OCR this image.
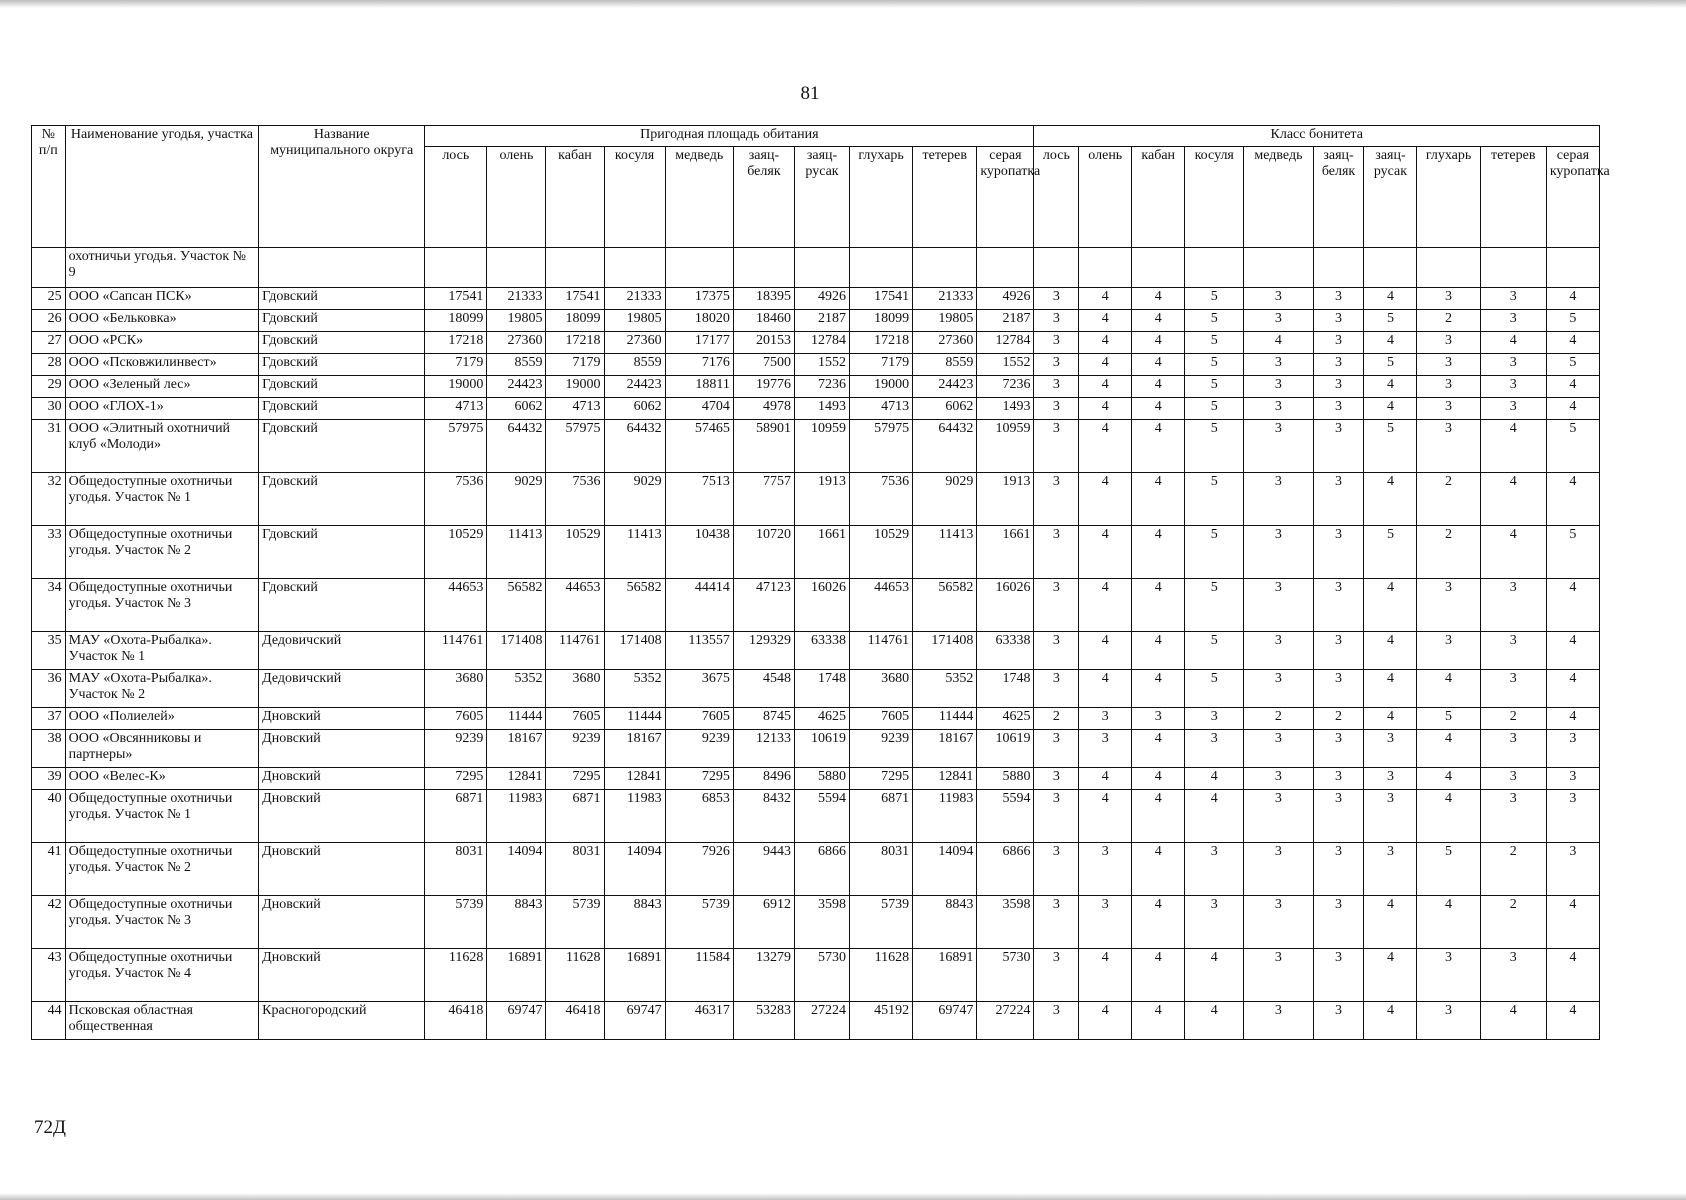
81
№ п/п	Наименование угодья, участка	Название муниципального округа	Пригодная площадь обитания										Класс бонитета									
			лось	олень	кабан	косуля	медведь	заяц-беляк	заяц-русак	глухарь	тетерев	серая куропатка	лось	олень	кабан	косуля	медведь	заяц-беляк	заяц-русак	глухарь	тетерев	серая куропатка
	охотничьи угодья. Участок № 9																					
25	ООО «Сапсан ПСК»	Гдовский	17541	21333	17541	21333	17375	18395	4926	17541	21333	4926	3	4	4	5	3	3	4	3	3	4
26	ООО «Бельковка»	Гдовский	18099	19805	18099	19805	18020	18460	2187	18099	19805	2187	3	4	4	5	3	3	5	2	3	5
27	ООО «РСК»	Гдовский	17218	27360	17218	27360	17177	20153	12784	17218	27360	12784	3	4	4	5	4	3	4	3	4	4
28	ООО «Псковжилинвест»	Гдовский	7179	8559	7179	8559	7176	7500	1552	7179	8559	1552	3	4	4	5	3	3	5	3	3	5
29	ООО «Зеленый лес»	Гдовский	19000	24423	19000	24423	18811	19776	7236	19000	24423	7236	3	4	4	5	3	3	4	3	3	4
30	ООО «ГЛОХ-1»	Гдовский	4713	6062	4713	6062	4704	4978	1493	4713	6062	1493	3	4	4	5	3	3	4	3	3	4
31	ООО «Элитный охотничий клуб «Молоди»	Гдовский	57975	64432	57975	64432	57465	58901	10959	57975	64432	10959	3	4	4	5	3	3	5	3	4	5
32	Общедоступные охотничьи угодья. Участок № 1	Гдовский	7536	9029	7536	9029	7513	7757	1913	7536	9029	1913	3	4	4	5	3	3	4	2	4	4
33	Общедоступные охотничьи угодья. Участок № 2	Гдовский	10529	11413	10529	11413	10438	10720	1661	10529	11413	1661	3	4	4	5	3	3	5	2	4	5
34	Общедоступные охотничьи угодья. Участок № 3	Гдовский	44653	56582	44653	56582	44414	47123	16026	44653	56582	16026	3	4	4	5	3	3	4	3	3	4
35	МАУ «Охота-Рыбалка». Участок № 1	Дедовичский	114761	171408	114761	171408	113557	129329	63338	114761	171408	63338	3	4	4	5	3	3	4	3	3	4
36	МАУ «Охота-Рыбалка». Участок № 2	Дедовичский	3680	5352	3680	5352	3675	4548	1748	3680	5352	1748	3	4	4	5	3	3	4	4	3	4
37	ООО «Полиелей»	Дновский	7605	11444	7605	11444	7605	8745	4625	7605	11444	4625	2	3	3	3	2	2	4	5	2	4
38	ООО «Овсянниковы и партнеры»	Дновский	9239	18167	9239	18167	9239	12133	10619	9239	18167	10619	3	3	4	3	3	3	3	4	3	3
39	ООО «Велес-К»	Дновский	7295	12841	7295	12841	7295	8496	5880	7295	12841	5880	3	4	4	4	3	3	3	4	3	3
40	Общедоступные охотничьи угодья. Участок № 1	Дновский	6871	11983	6871	11983	6853	8432	5594	6871	11983	5594	3	4	4	4	3	3	3	4	3	3
41	Общедоступные охотничьи угодья. Участок № 2	Дновский	8031	14094	8031	14094	7926	9443	6866	8031	14094	6866	3	3	4	3	3	3	3	5	2	3
42	Общедоступные охотничьи угодья. Участок № 3	Дновский	5739	8843	5739	8843	5739	6912	3598	5739	8843	3598	3	3	4	3	3	3	4	4	2	4
43	Общедоступные охотничьи угодья. Участок № 4	Дновский	11628	16891	11628	16891	11584	13279	5730	11628	16891	5730	3	4	4	4	3	3	4	3	3	4
44	Псковская областная общественная	Красногородский	46418	69747	46418	69747	46317	53283	27224	45192	69747	27224	3	4	4	4	3	3	4	3	4	4
72Д
